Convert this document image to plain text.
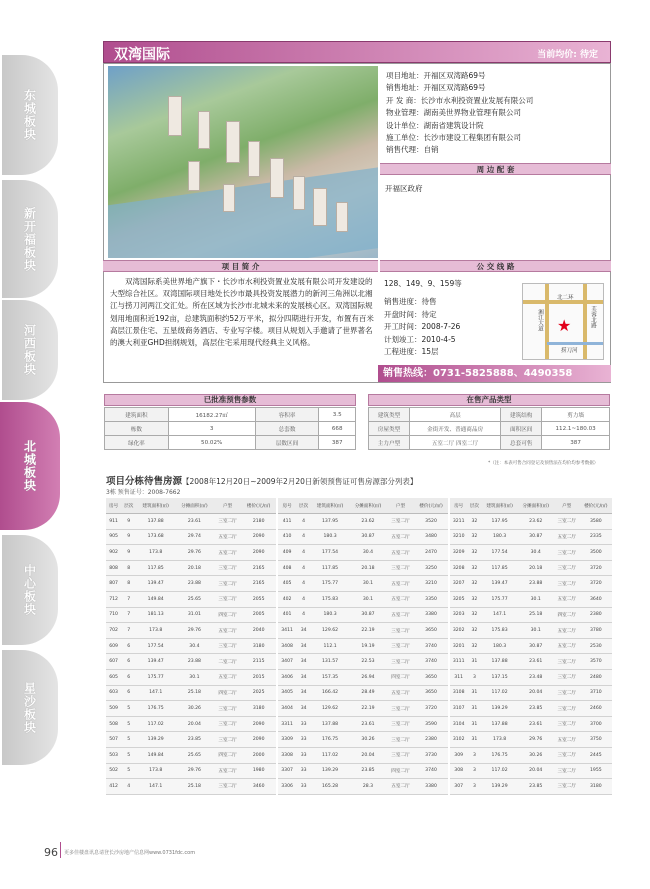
东城板块
新开福板块
河西板块
北城板块
中心板块
星沙板块
双湾国际	当前均价: 待定
项目地址：开福区双湾路69号
销售地址：开福区双湾路69号
开 发 商：长沙市水利投资置业发展有限公司
物业管理：湖南美世界物业管理有限公司
设计单位：湖南省建筑设计院
施工单位：长沙市建设工程集团有限公司
销售代理：自销
周 边 配 套
开福区政府
项 目 简 介
双湾国际系美世界地产旗下・长沙市水利投资置业发展有限公司开发建设的大型综合社区。双湾国际项目地处长沙市最具投资发展潜力的新河三角洲以北湘江与捞刀河两江交汇处。所在区域为长沙市北城未来的发展核心区。双湾国际规划用地面积近192亩，总建筑面积约52万平米，拟分四期进行开发，布置有百米高层江景住宅、五星级商务酒店、专业写字楼。项目从规划入手邀请了世界著名的澳大利亚GHD担纲规划，高层住宅采用现代经典主义风格。
公 交 线 路
128、149、9、159等
销售进度：待售
开盘时间：待定
开工时间：2008-7-26
计划竣工：2010-4-5
工程进度：15层
北二环
湘江大道	芙蓉北路
捞刀河
★
销售热线：0731-5825888、4490358
已批准预售参数
建筑面积	16182.27㎡	容积率	3.5
栋数	3	总套数	668
绿化率	50.02%	层数区间	387
在售产品类型
建筑类型	高层	建筑结构	剪力墙
房屋类型	金街开发、普通商品房	面积区间	112.1~180.03
主力户型	五室二厅 四室二厅	总套可售	387
*（注：本表可售合同登记及预售法在均价均参考数据）
项目分栋待售房源【2008年12月20日~2009年2月20日新领预售证可售房源部分列表】
3栋 预售证号：2008-7662
房号	层次	建筑面积(㎡)	分摊面积(㎡)	户型	楼价(元/㎡)
911	9	137.88	23.61	三室二厅	2180
905	9	173.68	29.74	五室二厅	2090
902	9	173.8	29.76	五室二厅	2090
808	8	117.85	20.18	三室二厅	2165
807	8	139.47	23.88	三室二厅	2165
712	7	149.84	25.65	三室二厅	2055
710	7	181.13	31.01	四室二厅	2005
702	7	173.8	29.76	五室二厅	2040
609	6	177.54	30.4	三室二厅	3180
607	6	139.47	23.88	二室二厅	2115
605	6	175.77	30.1	五室二厅	2015
603	6	147.1	25.18	四室二厅	2025
509	5	176.75	30.26	三室二厅	3180
508	5	117.02	20.04	三室二厅	2090
507	5	139.29	23.85	三室二厅	2090
503	5	149.84	25.65	四室二厅	2000
502	5	173.8	29.76	五室二厅	1980
412	4	147.1	25.18	三室二厅	3460
房号	层次	建筑面积(㎡)	分摊面积(㎡)	户型	楼价(元/㎡)
411	4	137.95	23.62	三室二厅	3520
410	4	180.3	30.87	五室二厅	3480
409	4	177.54	30.4	五室二厅	2470
408	4	117.85	20.18	三室二厅	3250
405	4	175.77	30.1	五室二厅	3210
402	4	175.83	30.1	五室二厅	3350
401	4	180.3	30.87	五室二厅	3380
3411	34	129.62	22.19	三室二厅	3650
3408	34	112.1	19.19	三室二厅	3740
3407	34	131.57	22.53	三室二厅	3740
3406	34	157.35	26.94	四室二厅	3650
3405	34	166.42	28.49	五室二厅	3650
3404	34	129.62	22.19	三室二厅	3720
3311	33	137.88	23.61	三室二厅	3590
3309	33	176.75	30.26	三室二厅	2380
3308	33	117.02	20.04	三室二厅	3730
3307	33	139.29	23.85	四室二厅	3740
3306	33	165.28	28.3	五室二厅	3380
房号	层次	建筑面积(㎡)	分摊面积(㎡)	户型	楼价(元/㎡)
3211	32	137.95	23.62	三室二厅	3580
3210	32	180.3	30.87	五室二厅	2335
3209	32	177.54	30.4	三室二厅	3500
3208	32	117.85	20.18	三室二厅	3720
3207	32	139.47	23.88	三室二厅	3720
3205	32	175.77	30.1	五室二厅	3640
3203	32	147.1	25.18	四室二厅	2380
3202	32	175.83	30.1	五室二厅	3780
3201	32	180.3	30.87	五室二厅	2530
3111	31	137.88	23.61	三室二厅	3570
311	3	137.15	23.48	三室二厅	2480
3108	31	117.02	20.04	三室二厅	3710
3107	31	139.29	23.85	三室二厅	2460
3104	31	137.88	23.61	三室二厅	3700
3102	31	173.8	29.76	五室二厅	3750
309	3	176.75	30.26	三室二厅	2445
308	3	117.02	20.04	三室二厅	1955
307	3	139.29	23.85	三室二厅	3180
96 更多佳楼盘讯息请登长沙房地产信息网www.0731fdc.com
